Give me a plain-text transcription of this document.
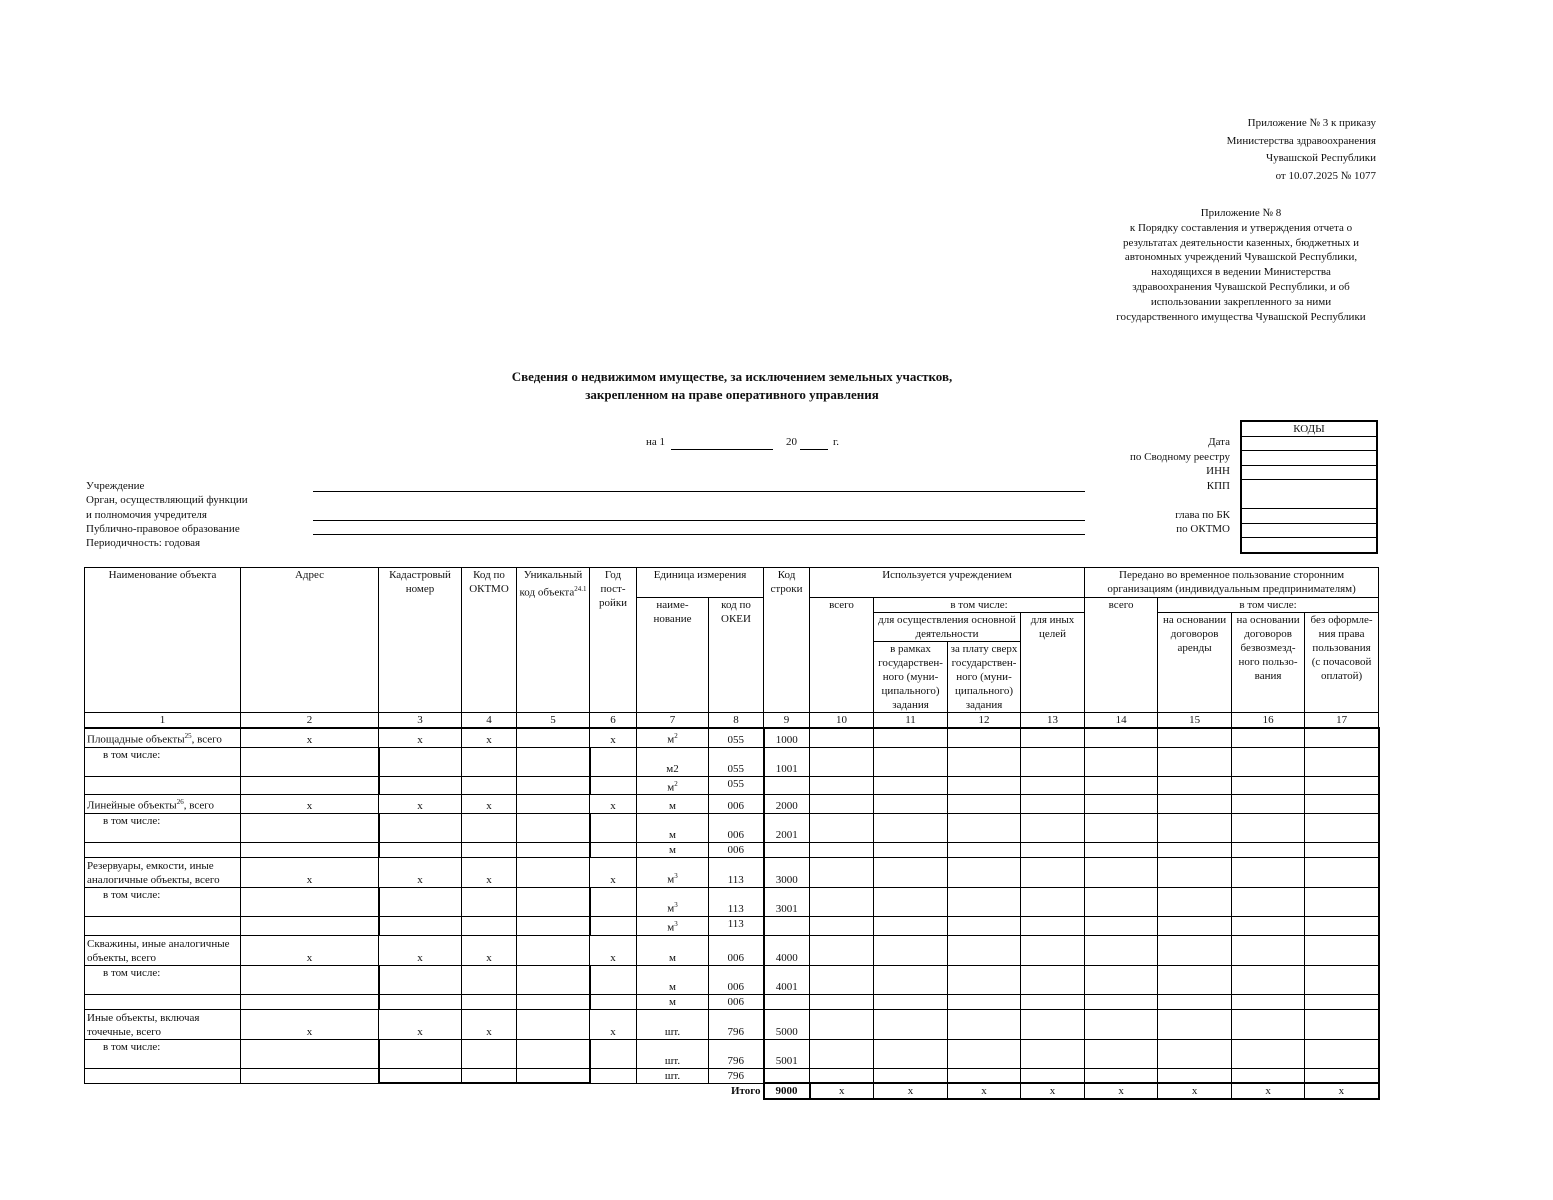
Приложение № 3 к приказу
Министерства здравоохранения
Чувашской Республики
от 10.07.2025 № 1077
Приложение № 8
к Порядку составления и утверждения отчета о
результатах деятельности казенных, бюджетных и
автономных учреждений Чувашской Республики,
находящихся в ведении Министерства
здравоохранения Чувашской Республики, и об
использовании закрепленного за ними
государственного имущества Чувашской Республики
Сведения о недвижимом имуществе, за исключением земельных участков,
закрепленном на праве оперативного управления
на 1	20	г.	Дата
по Сводному реестру
ИНН
КПП
глава по БК
по ОКТМО
КОДЫ

Учреждение
Орган, осуществляющий функции
и полномочия учредителя
Публично-правовое образование
Периодичность: годовая
Наименование объекта	Адрес	Кадастровый номер	Код по ОКТМО	Уникальный код объекта$^{24.1}$	Год пост-ройки	Единица измерения		Код строки	Используется учреждением				Передано во временное пользование сторонним организациям (индивидуальным предпринимателям)			
						наиме-нование	код по ОКЕИ		всего	в том числе:			всего	в том числе:		
										для осуществления основной деятельности		для иных целей		на основании договоров аренды	на основании договоров безвозмезд-ного пользо-вания	без оформле-ния права пользования (с почасовой оплатой)
										в рамках государствен-ного (муни-ципального) задания	за плату сверх государствен-ного (муни-ципального) задания					
1	2	3	4	5	6	7	8	9	10	11	12	13	14	15	16	17
Площадные объекты$^{25}$, всего	х	х	х		х	$м^2$	055	1000								
в том числе:						м2	055	1001								
						$м^2$	055									
Линейные объекты$^{26}$, всего	х	х	х		х	м	006	2000								
в том числе:						м	006	2001								
						м	006									
Резервуары, емкости, иные аналогичные объекты, всего	х	х	х		х	$м^3$	113	3000								
в том числе:						$м^3$	113	3001								
						$м^3$	113									
Скважины, иные аналогичные объекты, всего	х	х	х		х	м	006	4000								
в том числе:						м	006	4001								
						м	006									
Иные объекты, включая точечные, всего	х	х	х		х	шт.	796	5000								
в том числе:						шт.	796	5001								
						шт.	796									
							Итого	9000	х	х	х	х	х	х	х	х
